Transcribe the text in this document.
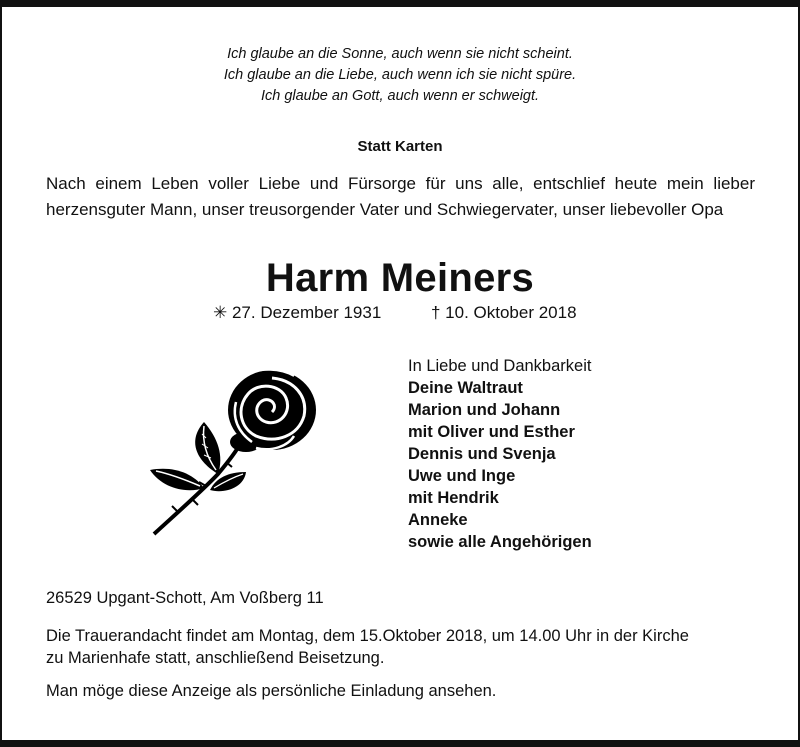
Ich glaube an die Sonne, auch wenn sie nicht scheint.
Ich glaube an die Liebe, auch wenn ich sie nicht spüre.
Ich glaube an Gott, auch wenn er schweigt.
Statt Karten
Nach einem Leben voller Liebe und Fürsorge für uns alle, entschlief heute mein lieber herzensguter Mann, unser treusorgender Vater und Schwiegervater, unser liebevoller Opa
Harm Meiners
✳ 27. Dezember 1931	† 10. Oktober 2018
In Liebe und Dankbarkeit
Deine Waltraut
Marion und Johann
mit Oliver und Esther
Dennis und Svenja
Uwe und Inge
mit Hendrik
Anneke
sowie alle Angehörigen
26529 Upgant-Schott, Am Voßberg 11
Die Trauerandacht findet am Montag, dem 15.Oktober 2018, um 14.00 Uhr in der Kirche
zu Marienhafe statt, anschließend Beisetzung.
Man möge diese Anzeige als persönliche Einladung ansehen.
